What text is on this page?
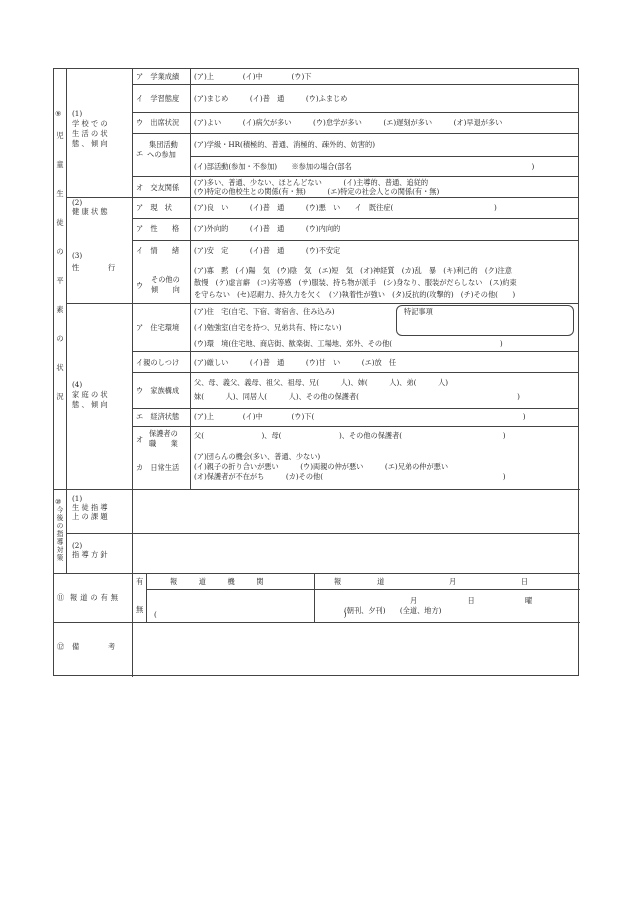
⑨
児
童
生
徒
の
平
素
の
状
況
(1)
学 校 で の
生 活 の 状
態 、 傾 向
ア　学業成績 (ア)上　　　　(イ)中　　　　(ウ)下
イ　学習態度 (ア)まじめ　　　(イ)普　通　　　(ウ)ふまじめ
ウ　出席状況 (ア)よい　　　(イ)病欠が多い　　　(ウ)怠学が多い　　　(エ)遅刻が多い　　　(オ)早退が多い
エ
集団活動
への参加
(ア)学級・HR(積極的、普通、消極的、疎外的、妨害的)
(イ)部活動(参加・不参加)　　※参加の場合(部名　　　　　　　　　　　　　　　　　　　　　　　　　)
オ　交友関係
(ア)多い、普通、少ない、ほとんどない　　　(イ)主導的、普通、追従的
(ウ)特定の他校生との関係(有・無)　　　(エ)特定の社会人との関係(有・無)
(2)
健 康 状 態	ア　現　状	(ア)良　い　　　(イ)普　通　　　(ウ)悪　い　　イ　既往症(　　　　　　　　　　　　　　)
(3)
性　　　　行
ア　性　　格 (ア)外向的　　　(イ)普　通　　　(ウ)内向的
イ　情　　緒 (ア)安　定　　　(イ)普　通　　　(ウ)不安定
ウ
その他の
傾　　向
(ア)寡　黙　(イ)陽　気　(ウ)陰　気　(エ)短　気　(オ)神経質　(カ)乱　暴　(キ)利己的　(ク)注意
散慢　(ケ)虚言癖　(コ)劣等感　(サ)服装、持ち物が派手　(シ)身なり、服装がだらしない　(ス)約束
を守らない　(セ)忍耐力、持久力を欠く　(ソ)執着性が強い　(タ)反抗的(攻撃的)　(チ)その他(　　)
(4)
家 庭 の 状
態 、 傾 向
ア　住宅環境
(ア)住　宅(自宅、下宿、寄宿舎、住み込み)
(イ)勉強室(自宅を持つ、兄弟共有、特にない)
(ウ)環　境(住宅地、商店街、歓楽街、工場地、郊外、その他(　　　　　　　　　　　　　　　)
特記事項
イ親のしつけ (ア)厳しい　　　(イ)普　通　　　(ウ)甘　い　　　(エ)放　任
ウ　家族構成
父、母、義父、義母、祖父、祖母、兄(　　　人)、姉(　　　人)、弟(　　　人)
妹(　　　人)、同居人(　　　人)、その他の保護者(　　　　　　　　　　　　　　　　　　　　　　)
エ　経済状態 (ア)上　　　　(イ)中　　　　(ウ)下(　　　　　　　　　　　　　　　　　　　　　　　　　　　　　)
オ
保護者の
職　　業
父(　　　　　　　　)、母(　　　　　　　　)、その他の保護者(　　　　　　　　　　　　　　)
カ　日常生活
(ア)団らんの機会(多い、普通、少ない)
(イ)親子の折り合いが悪い　　　(ウ)両親の仲が悪い　　　(エ)兄弟の仲が悪い
(オ)保護者が不在がち　　　(カ)その他(　　　　　　　　　　　　　　　　　　　　　　　　　)
⑩
今
後
の
指
導
対
策
(1)
生 徒 指 導
上 の 課 題
(2)
指 導 方 針
⑪ 報道の有無
有
無
報　　　道　　　機　　　関
(　　　　　　　　　　　　　　　　　　　　　　　　　　)
報　　　　　道　　　　　　　　　月　　　　　　　　　日
月　　　　　　　日　　　　　　　曜
(朝刊、夕刊)　　(全道、地方)
⑫ 備　　　　考
